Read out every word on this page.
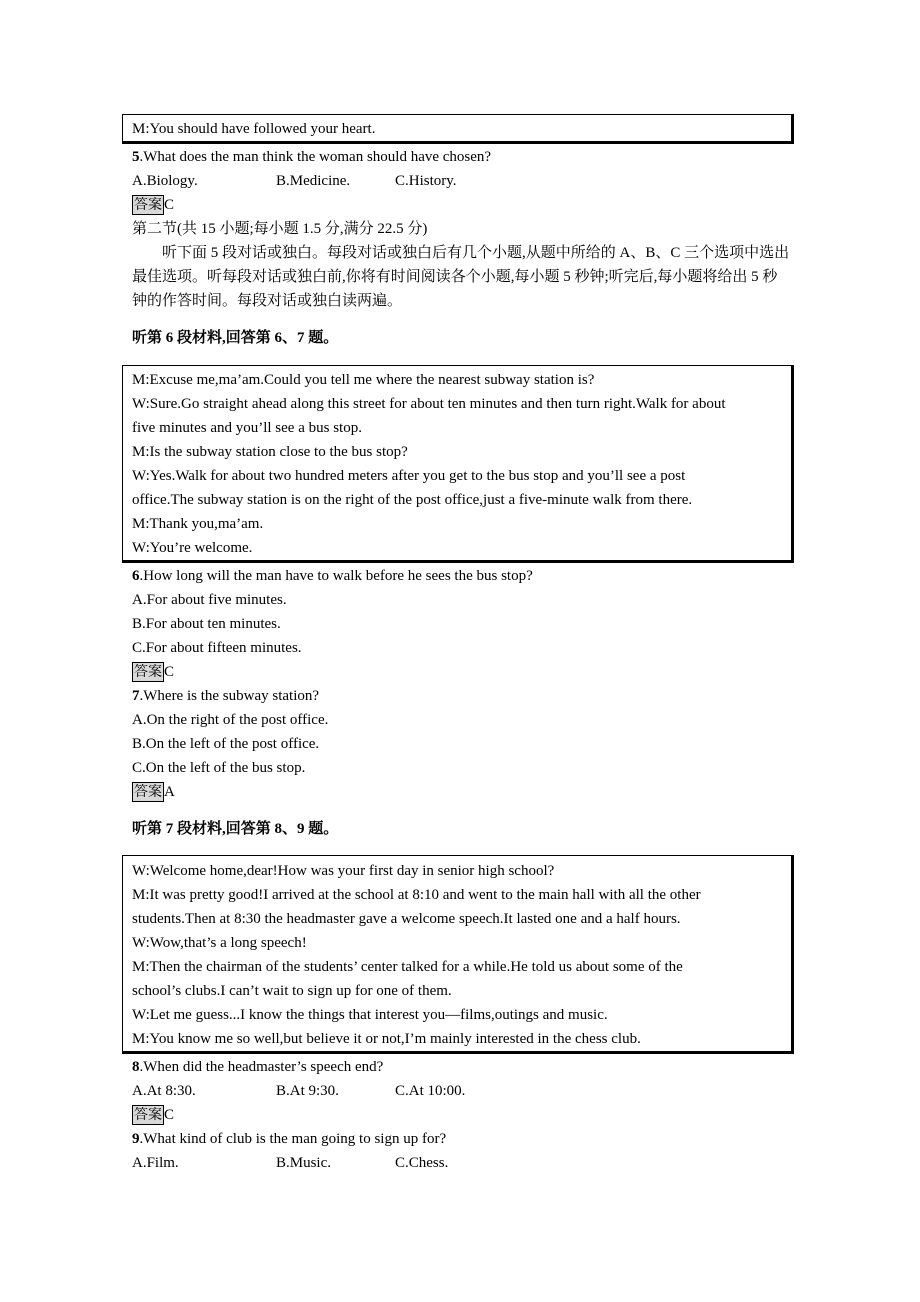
M:You should have followed your heart.
5.What does the man think the woman should have chosen?
A.Biology.	B.Medicine.	C.History.
答案 C
第二节(共 15 小题;每小题 1.5 分,满分 22.5 分)
听下面 5 段对话或独白。每段对话或独白后有几个小题,从题中所给的 A、B、C 三个选项中选出最佳选项。听每段对话或独白前,你将有时间阅读各个小题,每小题 5 秒钟;听完后,每小题将给出 5 秒钟的作答时间。每段对话或独白读两遍。
听第 6 段材料,回答第 6、7 题。
M:Excuse me,ma’am.Could you tell me where the nearest subway station is?
W:Sure.Go straight ahead along this street for about ten minutes and then turn right.Walk for about
five minutes and you’ll see a bus stop.
M:Is the subway station close to the bus stop?
W:Yes.Walk for about two hundred meters after you get to the bus stop and you’ll see a post
office.The subway station is on the right of the post office,just a five-minute walk from there.
M:Thank you,ma’am.
W:You’re welcome.
6.How long will the man have to walk before he sees the bus stop?
A.For about five minutes.
B.For about ten minutes.
C.For about fifteen minutes.
答案 C
7.Where is the subway station?
A.On the right of the post office.
B.On the left of the post office.
C.On the left of the bus stop.
答案 A
听第 7 段材料,回答第 8、9 题。
W:Welcome home,dear!How was your first day in senior high school?
M:It was pretty good!I arrived at the school at 8:10 and went to the main hall with all the other
students.Then at 8:30 the headmaster gave a welcome speech.It lasted one and a half hours.
W:Wow,that’s a long speech!
M:Then the chairman of the students’ center talked for a while.He told us about some of the
school’s clubs.I can’t wait to sign up for one of them.
W:Let me guess...I know the things that interest you—films,outings and music.
M:You know me so well,but believe it or not,I’m mainly interested in the chess club.
8.When did the headmaster’s speech end?
A.At 8:30.	B.At 9:30.	C.At 10:00.
答案 C
9.What kind of club is the man going to sign up for?
A.Film.	B.Music.	C.Chess.
